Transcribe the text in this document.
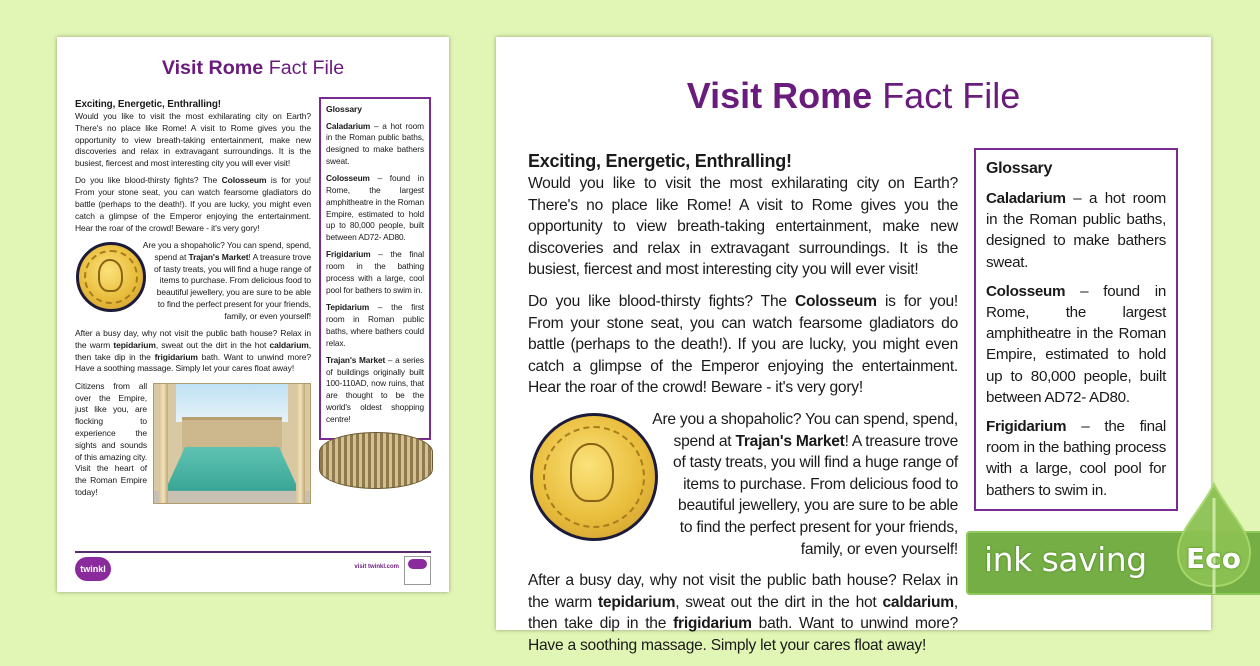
Visit Rome Fact File
Exciting, Energetic, Enthralling!

Would you like to visit the most exhilarating city on Earth? There's no place like Rome! A visit to Rome gives you the opportunity to view breath-taking entertainment, make new discoveries and relax in extravagant surroundings. It is the busiest, fiercest and most interesting city you will ever visit!

Do you like blood-thirsty fights? The Colosseum is for you! From your stone seat, you can watch fearsome gladiators do battle (perhaps to the death!). If you are lucky, you might even catch a glimpse of the Emperor enjoying the entertainment. Hear the roar of the crowd! Beware - it's very gory!

Are you a shopaholic? You can spend, spend, spend at Trajan's Market! A treasure trove of tasty treats, you will find a huge range of items to purchase. From delicious food to beautiful jewellery, you are sure to be able to find the perfect present for your friends, family, or even yourself!

After a busy day, why not visit the public bath house? Relax in the warm tepidarium, sweat out the dirt in the hot caldarium, then take dip in the frigidarium bath. Want to unwind more? Have a soothing massage. Simply let your cares float away!

Citizens from all over the Empire, just like you, are flocking to experience the sights and sounds of this amazing city. Visit the heart of the Roman Empire today!

Glossary

Caladarium – a hot room in the Roman public baths, designed to make bathers sweat.

Colosseum – found in Rome, the largest amphitheatre in the Roman Empire, estimated to hold up to 80,000 people, built between AD72- AD80.

Frigidarium – the final room in the bathing process with a large, cool pool for bathers to swim in.

Tepidarium – the first room in Roman public baths, where bathers could relax.

Trajan's Market – a series of buildings originally built 100-110AD, now ruins, that are thought to be the world's oldest shopping centre!

twinkl	visit twinkl.com
Visit Rome Fact File
Exciting, Energetic, Enthralling!

Would you like to visit the most exhilarating city on Earth? There's no place like Rome! A visit to Rome gives you the opportunity to view breath-taking entertainment, make new discoveries and relax in extravagant surroundings. It is the busiest, fiercest and most interesting city you will ever visit!

Do you like blood-thirsty fights? The Colosseum is for you! From your stone seat, you can watch fearsome gladiators do battle (perhaps to the death!). If you are lucky, you might even catch a glimpse of the Emperor enjoying the entertainment. Hear the roar of the crowd! Beware - it's very gory!

Are you a shopaholic? You can spend, spend, spend at Trajan's Market! A treasure trove of tasty treats, you will find a huge range of items to purchase. From delicious food to beautiful jewellery, you are sure to be able to find the perfect present for your friends, family, or even yourself!

After a busy day, why not visit the public bath house? Relax in the warm tepidarium, sweat out the dirt in the hot caldarium, then take dip in the frigidarium bath. Want to unwind more? Have a soothing massage. Simply let your cares float away!

Glossary

Caladarium – a hot room in the Roman public baths, designed to make bathers sweat.

Colosseum – found in Rome, the largest amphitheatre in the Roman Empire, estimated to hold up to 80,000 people, built between AD72- AD80.

Frigidarium – the final room in the bathing process with a large, cool pool for bathers to swim in.

ink saving Eco
